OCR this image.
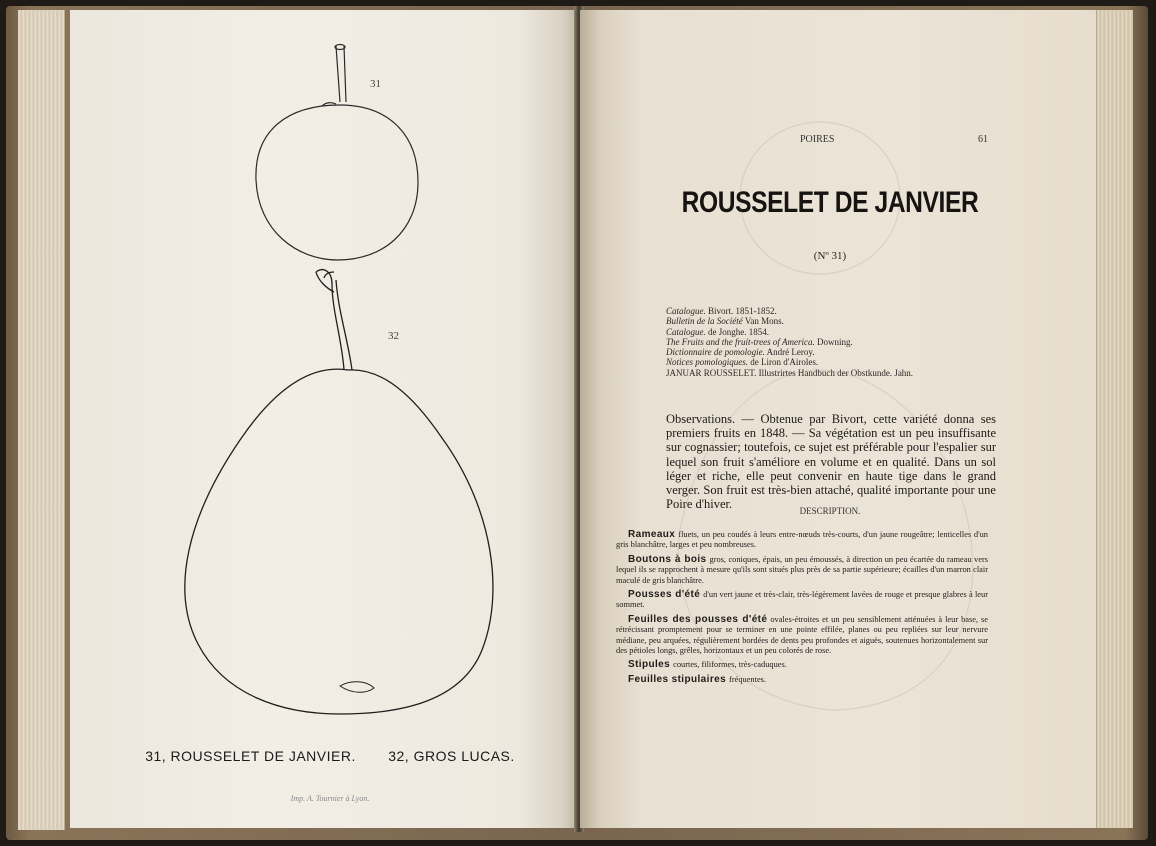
31
32
31, ROUSSELET DE JANVIER. 32, GROS LUCAS.
Imp. A. Tournier à Lyon.
POIRES	61
ROUSSELET DE JANVIER
(Nº 31)
Catalogue. Bivort. 1851-1852.
Bulletin de la Société Van Mons.
Catalogue. de Jonghe. 1854.
The Fruits and the fruit-trees of America. Downing.
Dictionnaire de pomologie. André Leroy.
Notices pomologiques. de Liron d'Airoles.
JANUAR ROUSSELET. Illustrirtes Handbuch der Obstkunde. Jahn.
Observations. — Obtenue par Bivort, cette variété donna ses premiers fruits en 1848. — Sa végétation est un peu insuffisante sur cognassier; toutefois, ce sujet est préférable pour l'espalier sur lequel son fruit s'améliore en volume et en qualité. Dans un sol léger et riche, elle peut convenir en haute tige dans le grand verger. Son fruit est très-bien attaché, qualité importante pour une Poire d'hiver.	DESCRIPTION.

Rameaux fluets, un peu coudés à leurs entre-nœuds très-courts, d'un jaune rougeâtre; lenticelles d'un gris blanchâtre, larges et peu nombreuses.

Boutons à bois gros, coniques, épais, un peu émoussés, à direction un peu écartée du rameau vers lequel ils se rapprochent à mesure qu'ils sont situés plus près de sa partie supérieure; écailles d'un marron clair maculé de gris blanchâtre.

Pousses d'été d'un vert jaune et très-clair, très-légèrement lavées de rouge et presque glabres à leur sommet.

Feuilles des pousses d'été ovales-étroites et un peu sensiblement atténuées à leur base, se rétrécissant promptement pour se terminer en une pointe effilée, planes ou peu repliées sur leur nervure médiane, peu arquées, régulièrement bordées de dents peu profondes et aiguës, soutenues horizontalement sur des pétioles longs, grêles, horizontaux et un peu colorés de rose.

Stipules courtes, filiformes, très-caduques.

Feuilles stipulaires fréquentes.
